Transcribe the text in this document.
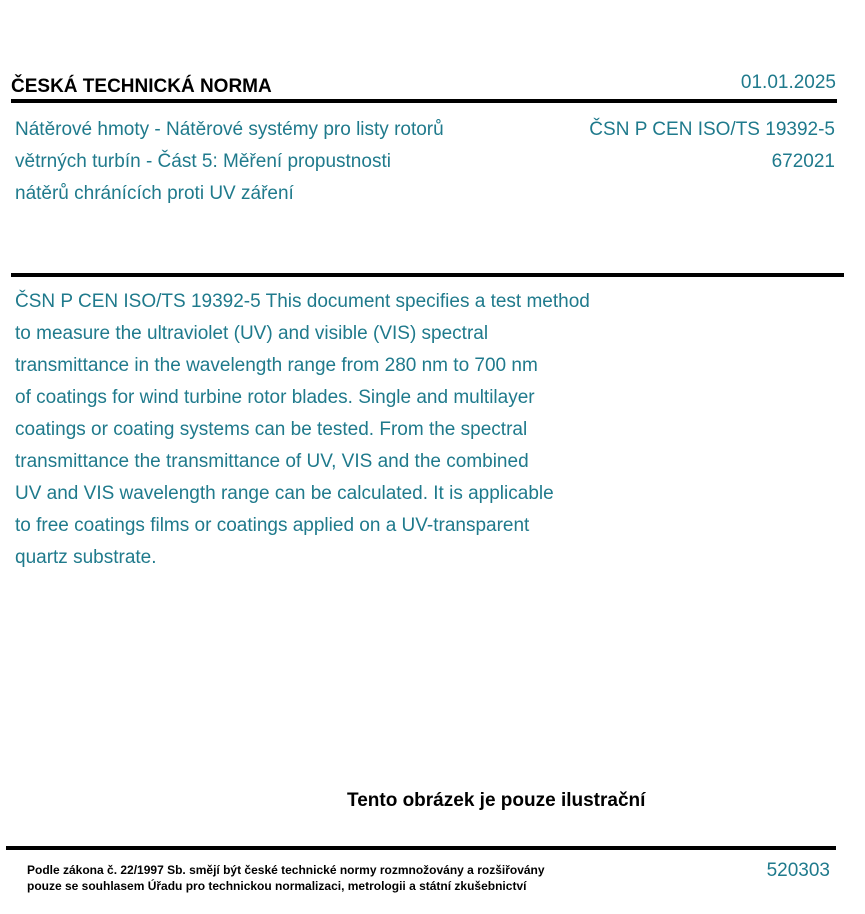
ČESKÁ TECHNICKÁ NORMA	01.01.2025
Nátěrové hmoty - Nátěrové systémy pro listy rotorů
větrných turbín - Část 5: Měření propustnosti
nátěrů chránících proti UV záření
ČSN P CEN ISO/TS 19392-5
672021
ČSN P CEN ISO/TS 19392-5 This document specifies a test method
to measure the ultraviolet (UV) and visible (VIS) spectral
transmittance in the wavelength range from 280 nm to 700 nm
of coatings for wind turbine rotor blades. Single and multilayer
coatings or coating systems can be tested. From the spectral
transmittance the transmittance of UV, VIS and the combined
UV and VIS wavelength range can be calculated. It is applicable
to free coatings films or coatings applied on a UV-transparent
quartz substrate.
Tento obrázek je pouze ilustrační
Podle zákona č. 22/1997 Sb. smějí být české technické normy rozmnožovány a rozšiřovány
pouze se souhlasem Úřadu pro technickou normalizaci, metrologii a státní zkušebnictví
520303
